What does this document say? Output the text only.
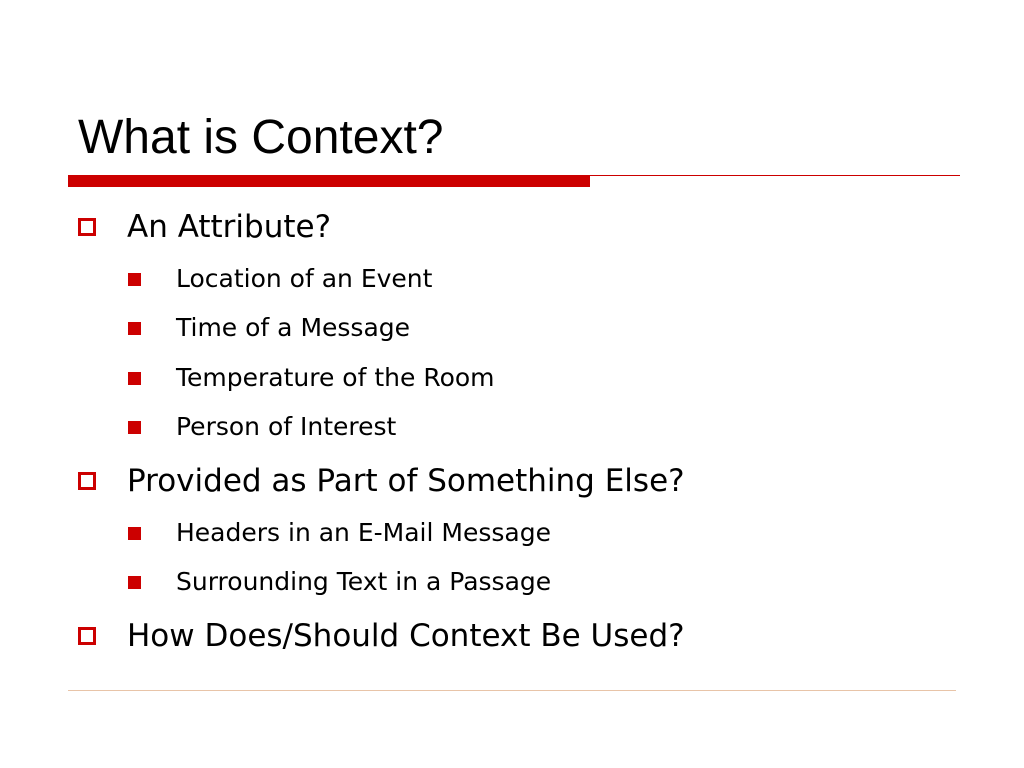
What is Context?
An Attribute?
Location of an Event
Time of a Message
Temperature of the Room
Person of Interest
Provided as Part of Something Else?
Headers in an E-Mail Message
Surrounding Text in a Passage
How Does/Should Context Be Used?
